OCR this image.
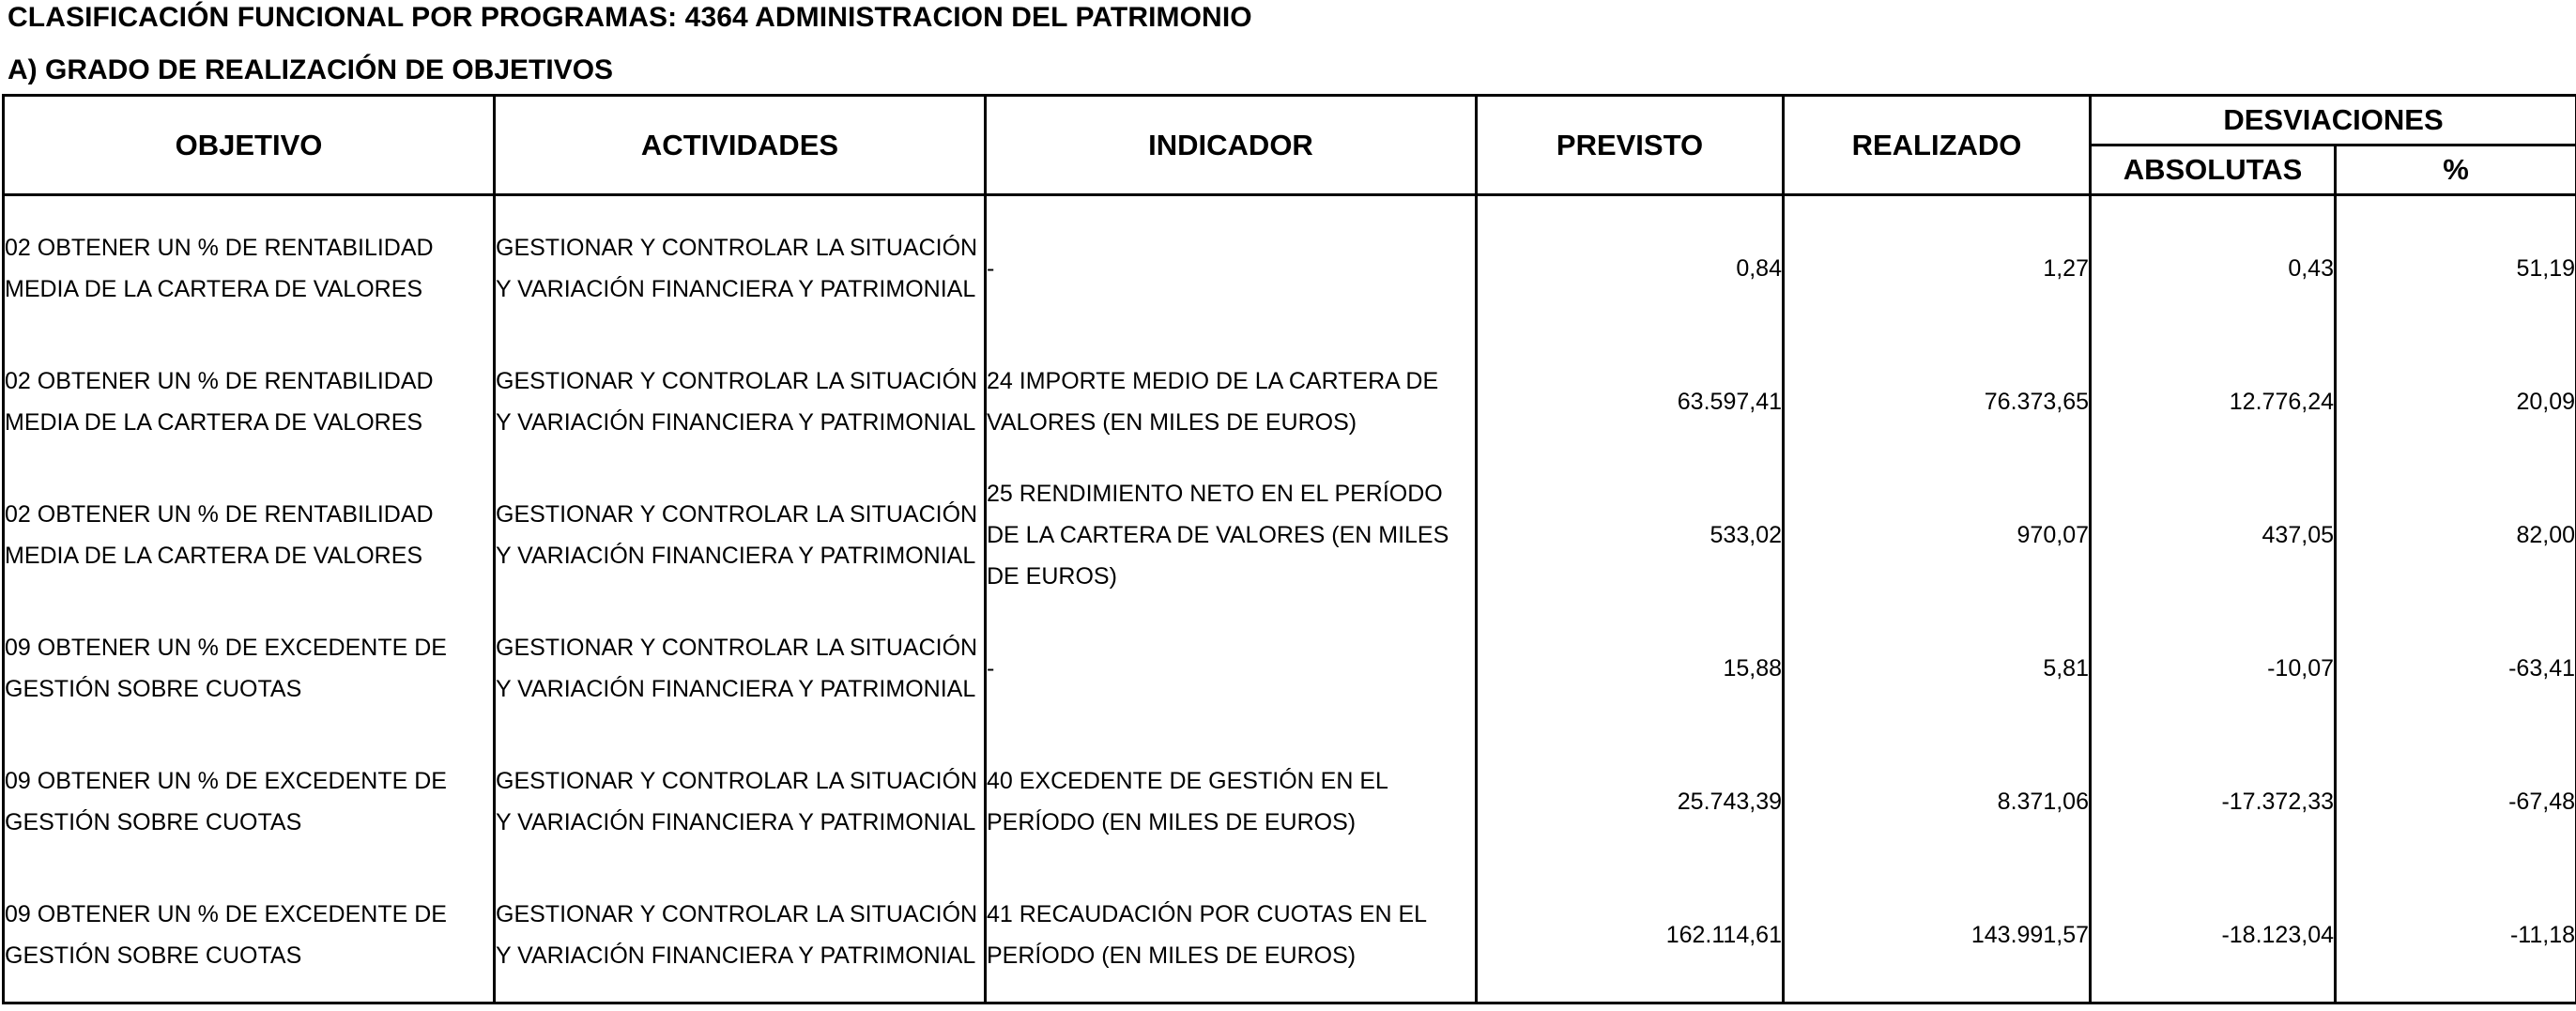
CLASIFICACIÓN FUNCIONAL POR PROGRAMAS: 4364 ADMINISTRACION DEL PATRIMONIO
A) GRADO DE REALIZACIÓN DE OBJETIVOS
OBJETIVO	ACTIVIDADES	INDICADOR	PREVISTO	REALIZADO	DESVIACIONES	
					ABSOLUTAS	%
02 OBTENER UN % DE RENTABILIDAD MEDIA DE LA CARTERA DE VALORES	GESTIONAR Y CONTROLAR LA SITUACIÓN Y VARIACIÓN FINANCIERA Y PATRIMONIAL	-	0,84	1,27	0,43	51,19
02 OBTENER UN % DE RENTABILIDAD MEDIA DE LA CARTERA DE VALORES	GESTIONAR Y CONTROLAR LA SITUACIÓN Y VARIACIÓN FINANCIERA Y PATRIMONIAL	24 IMPORTE MEDIO DE LA CARTERA DE VALORES (EN MILES DE EUROS)	63.597,41	76.373,65	12.776,24	20,09
02 OBTENER UN % DE RENTABILIDAD MEDIA DE LA CARTERA DE VALORES	GESTIONAR Y CONTROLAR LA SITUACIÓN Y VARIACIÓN FINANCIERA Y PATRIMONIAL	25 RENDIMIENTO NETO EN EL PERÍODO DE LA CARTERA DE VALORES (EN MILES DE EUROS)	533,02	970,07	437,05	82,00
09 OBTENER UN % DE EXCEDENTE DE GESTIÓN SOBRE CUOTAS	GESTIONAR Y CONTROLAR LA SITUACIÓN Y VARIACIÓN FINANCIERA Y PATRIMONIAL	-	15,88	5,81	-10,07	-63,41
09 OBTENER UN % DE EXCEDENTE DE GESTIÓN SOBRE CUOTAS	GESTIONAR Y CONTROLAR LA SITUACIÓN Y VARIACIÓN FINANCIERA Y PATRIMONIAL	40 EXCEDENTE DE GESTIÓN EN EL PERÍODO (EN MILES DE EUROS)	25.743,39	8.371,06	-17.372,33	-67,48
09 OBTENER UN % DE EXCEDENTE DE GESTIÓN SOBRE CUOTAS	GESTIONAR Y CONTROLAR LA SITUACIÓN Y VARIACIÓN FINANCIERA Y PATRIMONIAL	41 RECAUDACIÓN POR CUOTAS EN EL PERÍODO (EN MILES DE EUROS)	162.114,61	143.991,57	-18.123,04	-11,18
